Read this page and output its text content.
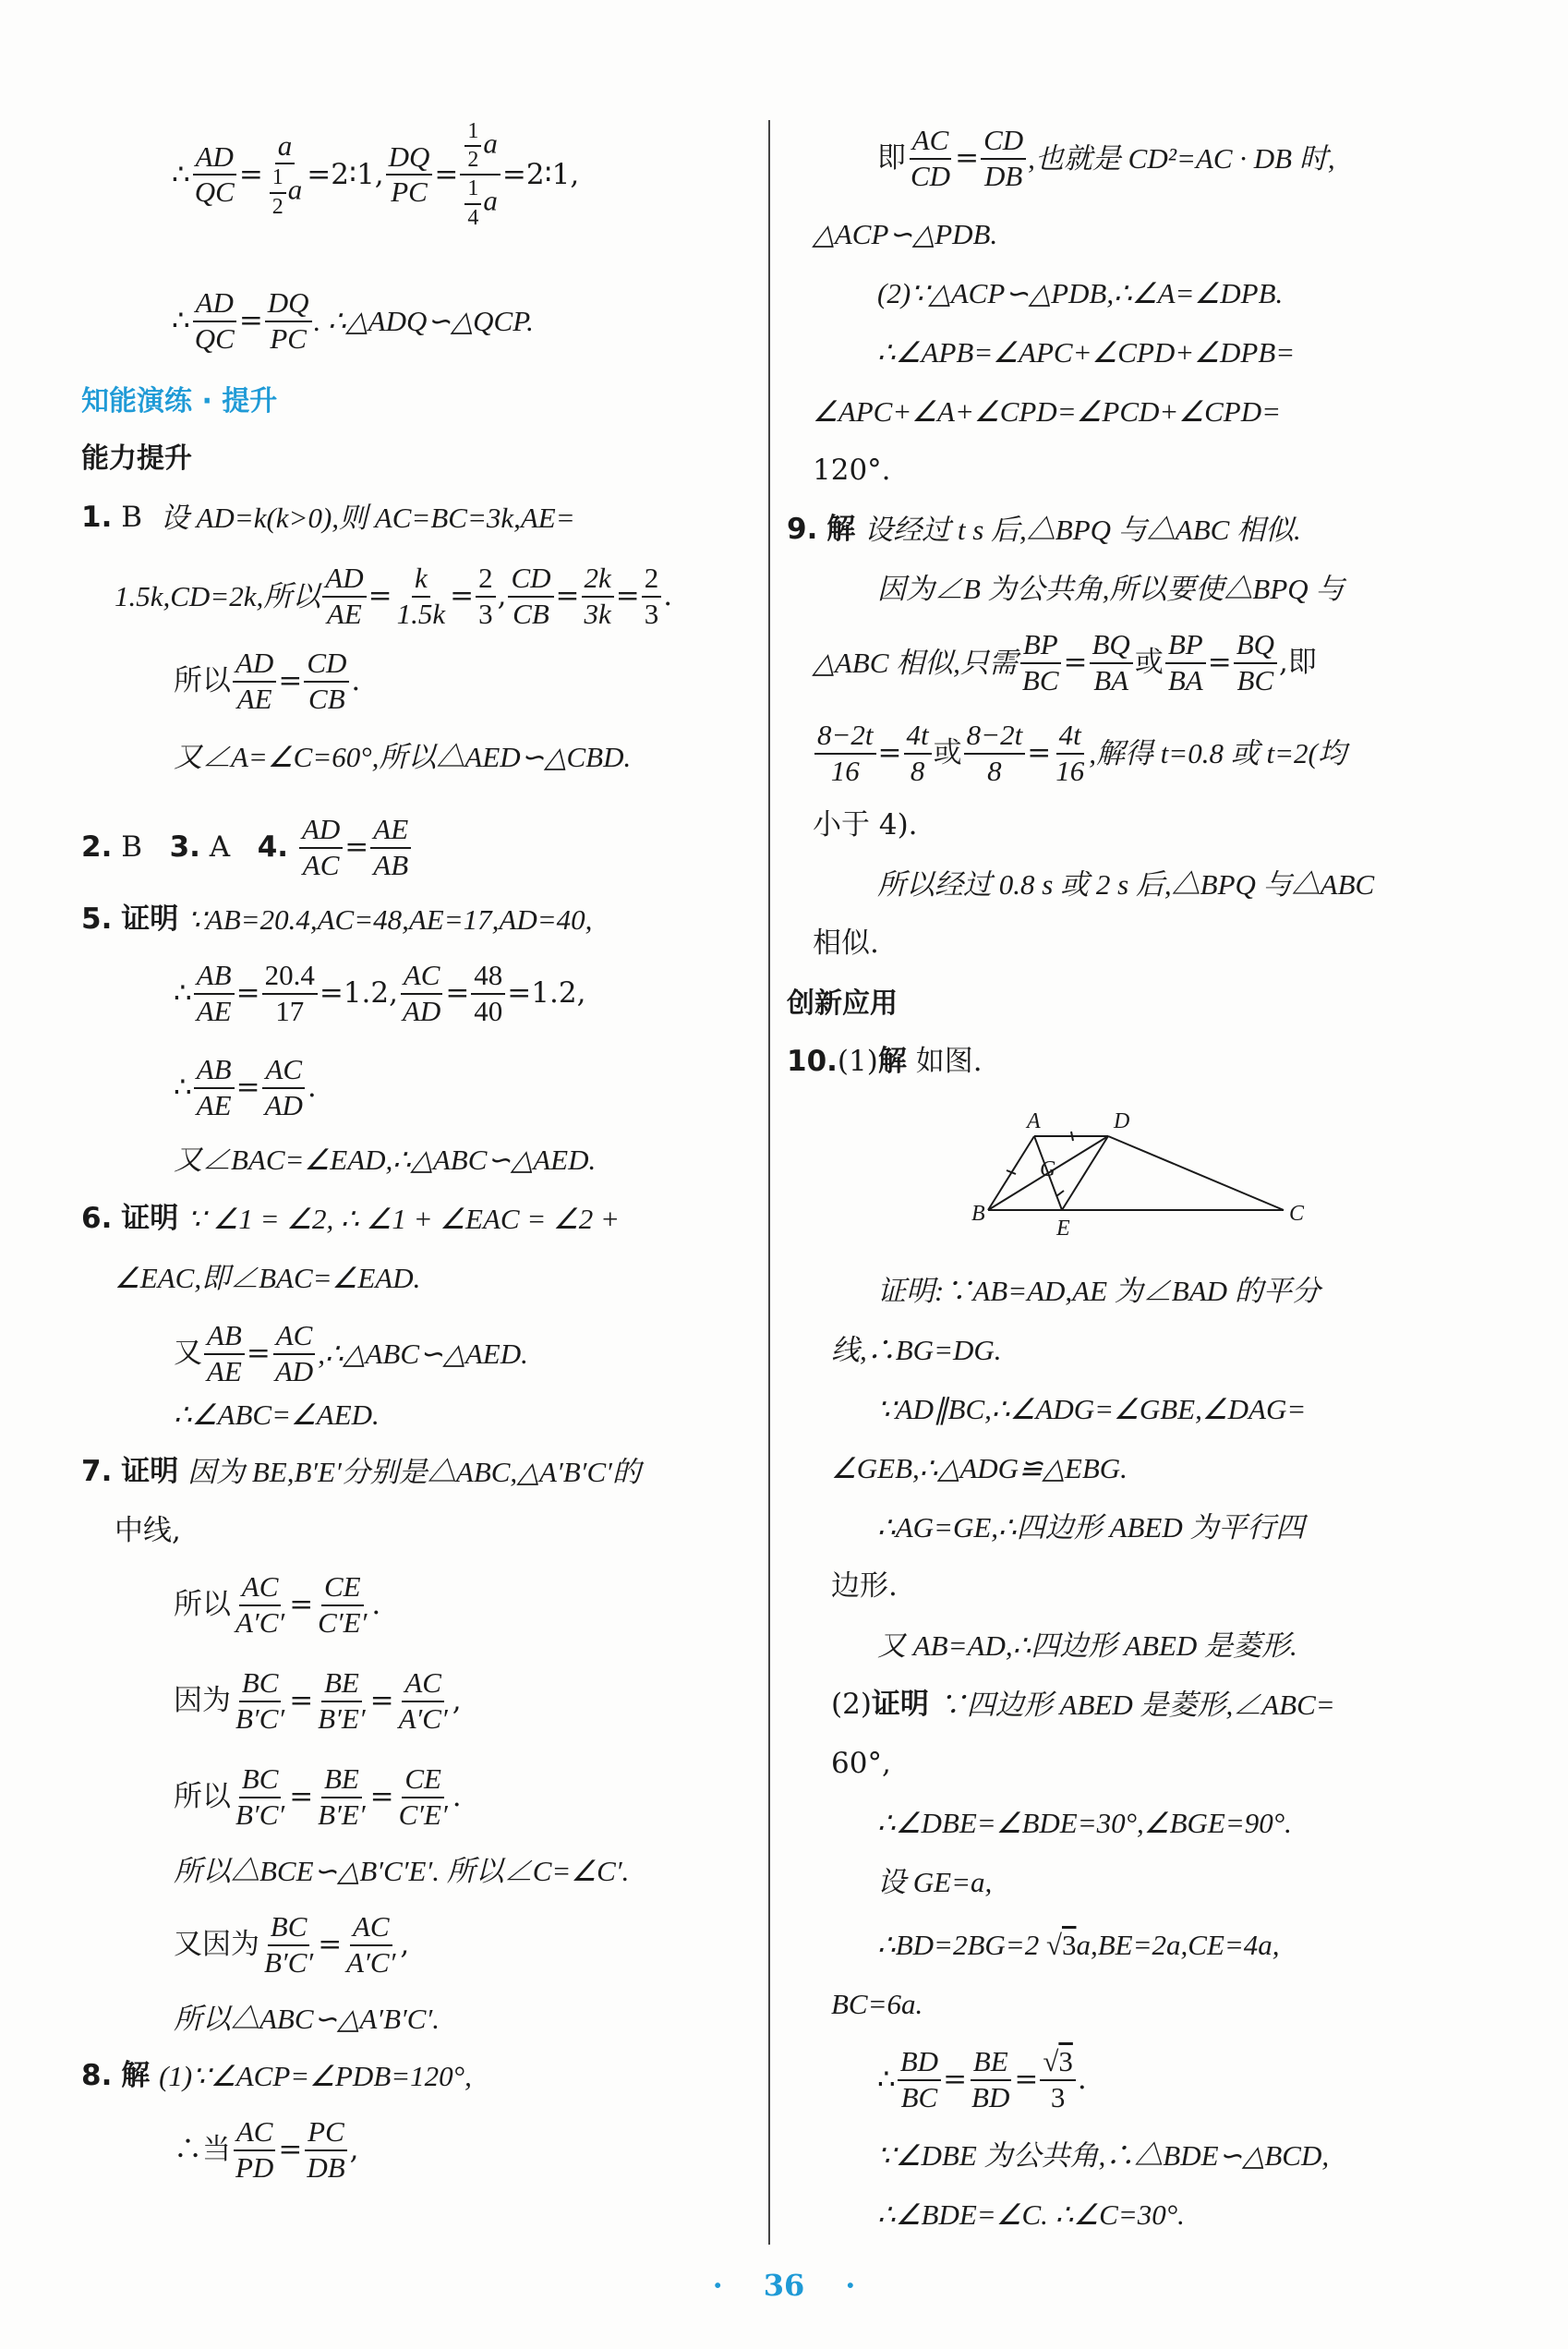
∴ $\frac{AD}{QC} = \frac{a}{\frac{1}{2} a}$ =2∶1, $\frac{DQ}{PC} = \frac{\frac{1}{2} a}{\frac{1}{4} a}$ =2∶1,
∴ $\frac{AD}{QC} = \frac{DQ}{PC}$ . ∴△ADQ∽△QCP.
知能演练 · 提升
能力提升
1.
B
设 AD=k(k>0),则 AC=BC=3k,AE=
1.5k,CD=2k,所以 $\frac{AD}{AE} = \frac{k}{1.5k} = \frac{2}{3}$ , $\frac{CD}{CB} = \frac{2k}{3k} = \frac{2}{3}$ .
所以 $\frac{AD}{AE} = \frac{CD}{CB}$ .
又∠A=∠C=60°,所以△AED∽△CBD.
2.
B
3.
A
4.
$\frac{AD}{AC} = \frac{AE}{AB}$
5.
证明
∵AB=20.4,AC=48,AE=17,AD=40,
∴ $\frac{AB}{AE} = \frac{20.4}{17} =1.2$, $\frac{AC}{AD} = \frac{48}{40} =1.2$,
∴ $\frac{AB}{AE} = \frac{AC}{AD}$ .
又∠BAC=∠EAD,∴△ABC∽△AED.
6.
证明
∵ ∠1 = ∠2, ∴ ∠1 + ∠EAC = ∠2 +
∠EAC,即∠BAC=∠EAD.
又 $\frac{AB}{AE} = \frac{AC}{AD}$ ,∴△ABC∽△AED.
∴∠ABC=∠AED.
7.
证明
因为 BE,B′E′分别是△ABC,△A′B′C′的
中线,
所以 $\frac{AC}{A'C'} = \frac{CE}{C'E'}$ .
因为 $\frac{BC}{B'C'} = \frac{BE}{B'E'} = \frac{AC}{A'C'}$ ,
所以 $\frac{BC}{B'C'} = \frac{BE}{B'E'} = \frac{CE}{C'E'}$ .
所以△BCE∽△B′C′E′. 所以∠C=∠C′.
又因为 $\frac{BC}{B'C'} = \frac{AC}{A'C'}$ ,
所以△ABC∽△A′B′C′.
8.
解
(1)∵∠ACP=∠PDB=120°,
∴当 $\frac{AC}{PD} = \frac{PC}{DB}$ ,
即 $\frac{AC}{CD} = \frac{CD}{DB}$ ,也就是 CD²=AC · DB 时,
△ACP∽△PDB.
(2)∵△ACP∽△PDB,∴∠A=∠DPB.
∴∠APB=∠APC+∠CPD+∠DPB=
∠APC+∠A+∠CPD=∠PCD+∠CPD=
120°.
9.
解
设经过 t s 后,△BPQ 与△ABC 相似.
因为∠B 为公共角,所以要使△BPQ 与
△ABC 相似,只需 $\frac{BP}{BC} = \frac{BQ}{BA}$ 或 $\frac{BP}{BA} = \frac{BQ}{BC}$ ,即
$\frac{8-2t}{16} = \frac{4t}{8}$ 或 $\frac{8-2t}{8} = \frac{4t}{16}$ ,解得 t=0.8 或 t=2(均
小于 4).
所以经过 0.8 s 或 2 s 后,△BPQ 与△ABC
相似.
创新应用
10. (1) 解
如图.
证明:∵AB=AD,AE 为∠BAD 的平分
线,∴BG=DG.
∵AD∥BC,∴∠ADG=∠GBE,∠DAG=
∠GEB,∴△ADG≌△EBG.
∴AG=GE,∴四边形 ABED 为平行四
边形.
又 AB=AD,∴四边形 ABED 是菱形.
(2) 证明
∵四边形 ABED 是菱形,∠ABC=
60°,
∴∠DBE=∠BDE=30°,∠BGE=90°.
设 GE=a,
∴BD=2BG=2 √ 3 a,BE=2a,CE=4a,
BC=6a.
∴ $\frac{BD}{BC} = \frac{BE}{BD} = \frac{√3}{3}$ .
∵∠DBE 为公共角,∴△BDE∽△BCD,
∴∠BDE=∠C. ∴∠C=30°.
A	D
G
B
E
C
· 36 ·
